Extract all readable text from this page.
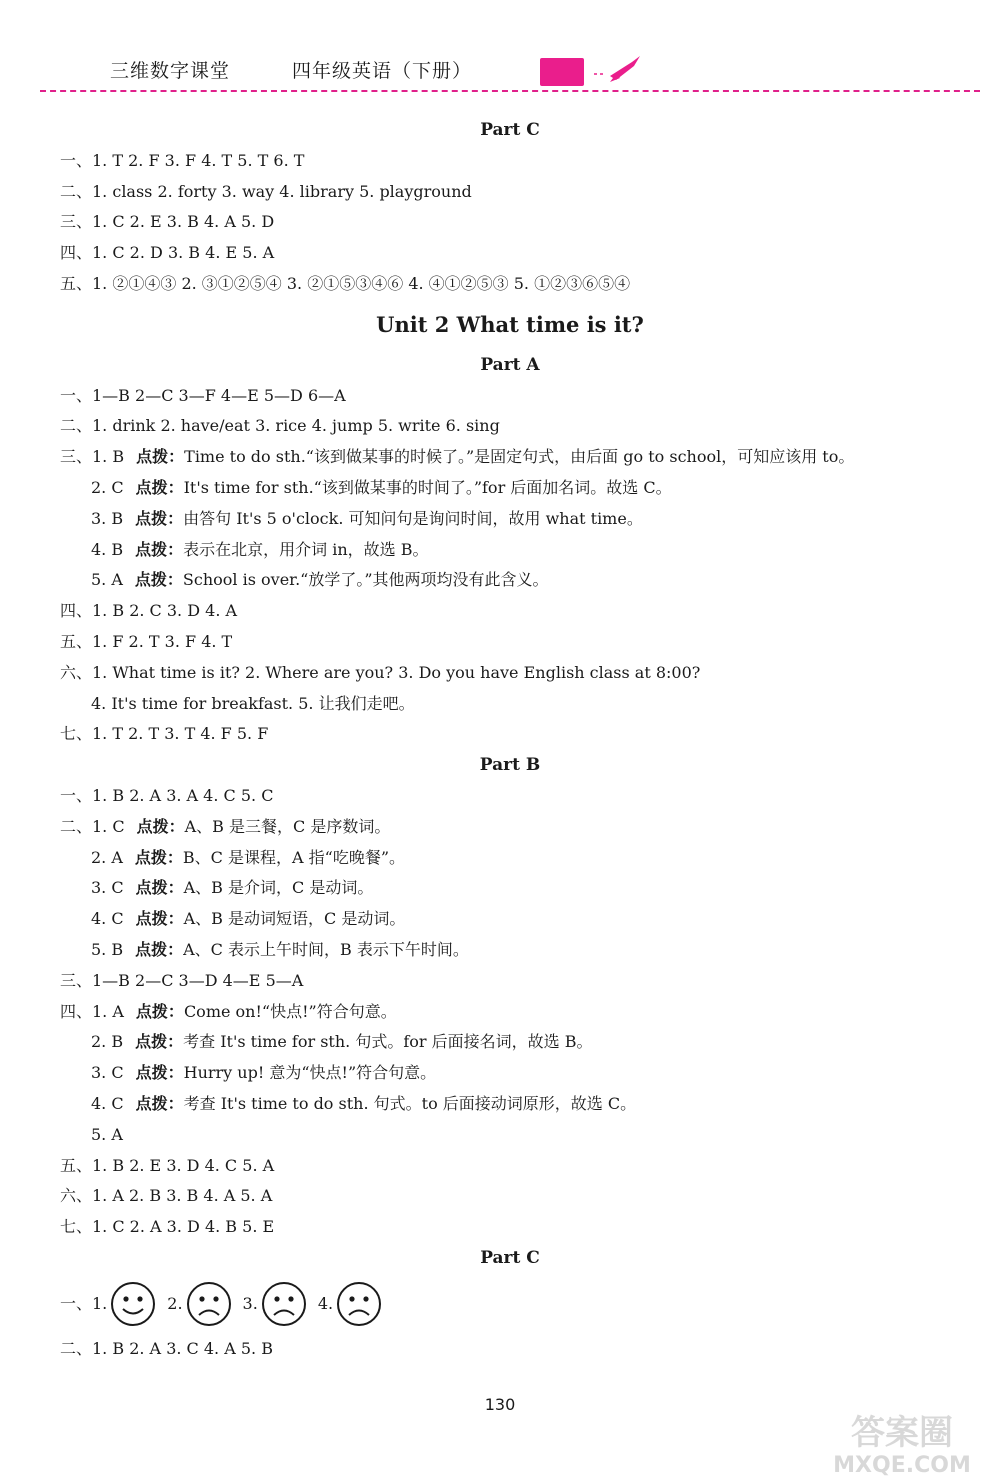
三维数字课堂	四年级英语（下册）
Part C
一、1. T 2. F 3. F 4. T 5. T 6. T
二、1. class 2. forty 3. way 4. library 5. playground
三、1. C 2. E 3. B 4. A 5. D
四、1. C 2. D 3. B 4. E 5. A
五、1. ②①④③ 2. ③①②⑤④ 3. ②①⑤③④⑥ 4. ④①②⑤③ 5. ①②③⑥⑤④
Unit 2 What time is it?
Part A
一、1—B 2—C 3—F 4—E 5—D 6—A
二、1. drink 2. have/eat 3. rice 4. jump 5. write 6. sing
三、1. B 点拨：Time to do sth.“该到做某事的时候了。”是固定句式，由后面 go to school，可知应该用 to。
2. C 点拨：It's time for sth.“该到做某事的时间了。”for 后面加名词。故选 C。
3. B 点拨：由答句 It's 5 o'clock. 可知问句是询问时间，故用 what time。
4. B 点拨：表示在北京，用介词 in，故选 B。
5. A 点拨：School is over.“放学了。”其他两项均没有此含义。
四、1. B 2. C 3. D 4. A
五、1. F 2. T 3. F 4. T
六、1. What time is it? 2. Where are you? 3. Do you have English class at 8:00?
4. It's time for breakfast. 5. 让我们走吧。
七、1. T 2. T 3. T 4. F 5. F
Part B
一、1. B 2. A 3. A 4. C 5. C
二、1. C 点拨：A、B 是三餐，C 是序数词。
2. A 点拨：B、C 是课程，A 指“吃晚餐”。
3. C 点拨：A、B 是介词，C 是动词。
4. C 点拨：A、B 是动词短语，C 是动词。
5. B 点拨：A、C 表示上午时间，B 表示下午时间。
三、1—B 2—C 3—D 4—E 5—A
四、1. A 点拨：Come on!“快点!”符合句意。
2. B 点拨：考查 It's time for sth. 句式。for 后面接名词，故选 B。
3. C 点拨：Hurry up! 意为“快点!”符合句意。
4. C 点拨：考查 It's time to do sth. 句式。to 后面接动词原形，故选 C。
5. A
五、1. B 2. E 3. D 4. C 5. A
六、1. A 2. B 3. B 4. A 5. A
七、1. C 2. A 3. D 4. B 5. E
Part C
一、1.	2.	3.	4.
二、1. B 2. A 3. C 4. A 5. B
130
答案圈
MXQE.COM
